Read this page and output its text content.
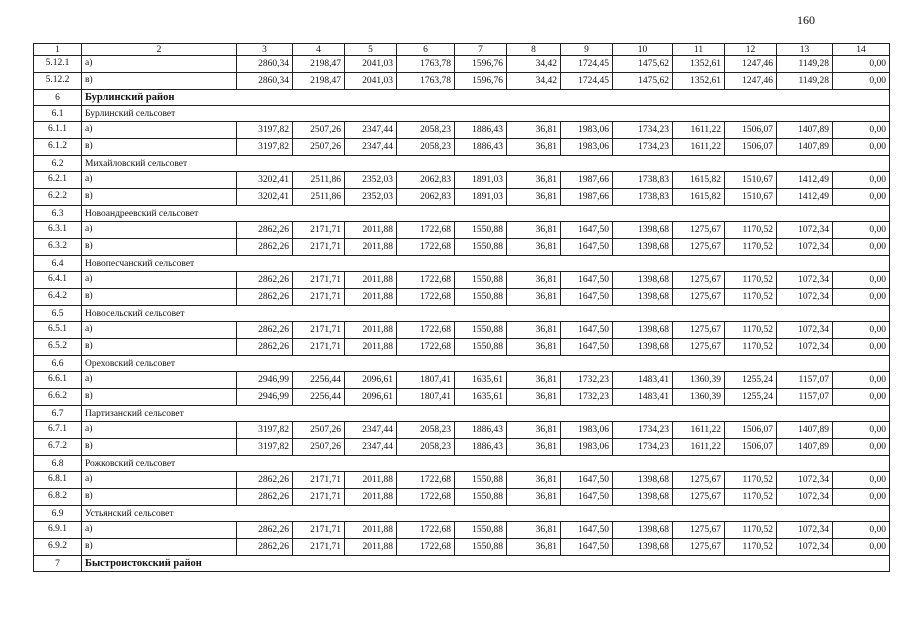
160
1	2	3	4	5	6	7	8	9	10	11	12	13	14
5.12.1	а)	2860,34	2198,47	2041,03	1763,78	1596,76	34,42	1724,45	1475,62	1352,61	1247,46	1149,28	0,00
5.12.2	в)	2860,34	2198,47	2041,03	1763,78	1596,76	34,42	1724,45	1475,62	1352,61	1247,46	1149,28	0,00
6	Бурлинский район												
6.1	Бурлинский сельсовет												
6.1.1	а)	3197,82	2507,26	2347,44	2058,23	1886,43	36,81	1983,06	1734,23	1611,22	1506,07	1407,89	0,00
6.1.2	в)	3197,82	2507,26	2347,44	2058,23	1886,43	36,81	1983,06	1734,23	1611,22	1506,07	1407,89	0,00
6.2	Михайловский сельсовет												
6.2.1	а)	3202,41	2511,86	2352,03	2062,83	1891,03	36,81	1987,66	1738,83	1615,82	1510,67	1412,49	0,00
6.2.2	в)	3202,41	2511,86	2352,03	2062,83	1891,03	36,81	1987,66	1738,83	1615,82	1510,67	1412,49	0,00
6.3	Новоандреевский сельсовет												
6.3.1	а)	2862,26	2171,71	2011,88	1722,68	1550,88	36,81	1647,50	1398,68	1275,67	1170,52	1072,34	0,00
6.3.2	в)	2862,26	2171,71	2011,88	1722,68	1550,88	36,81	1647,50	1398,68	1275,67	1170,52	1072,34	0,00
6.4	Новопесчанский сельсовет												
6.4.1	а)	2862,26	2171,71	2011,88	1722,68	1550,88	36,81	1647,50	1398,68	1275,67	1170,52	1072,34	0,00
6.4.2	в)	2862,26	2171,71	2011,88	1722,68	1550,88	36,81	1647,50	1398,68	1275,67	1170,52	1072,34	0,00
6.5	Новосельский сельсовет												
6.5.1	а)	2862,26	2171,71	2011,88	1722,68	1550,88	36,81	1647,50	1398,68	1275,67	1170,52	1072,34	0,00
6.5.2	в)	2862,26	2171,71	2011,88	1722,68	1550,88	36,81	1647,50	1398,68	1275,67	1170,52	1072,34	0,00
6.6	Ореховский сельсовет												
6.6.1	а)	2946,99	2256,44	2096,61	1807,41	1635,61	36,81	1732,23	1483,41	1360,39	1255,24	1157,07	0,00
6.6.2	в)	2946,99	2256,44	2096,61	1807,41	1635,61	36,81	1732,23	1483,41	1360,39	1255,24	1157,07	0,00
6.7	Партизанский сельсовет												
6.7.1	а)	3197,82	2507,26	2347,44	2058,23	1886,43	36,81	1983,06	1734,23	1611,22	1506,07	1407,89	0,00
6.7.2	в)	3197,82	2507,26	2347,44	2058,23	1886,43	36,81	1983,06	1734,23	1611,22	1506,07	1407,89	0,00
6.8	Рожковский сельсовет												
6.8.1	а)	2862,26	2171,71	2011,88	1722,68	1550,88	36,81	1647,50	1398,68	1275,67	1170,52	1072,34	0,00
6.8.2	в)	2862,26	2171,71	2011,88	1722,68	1550,88	36,81	1647,50	1398,68	1275,67	1170,52	1072,34	0,00
6.9	Устьянский сельсовет												
6.9.1	а)	2862,26	2171,71	2011,88	1722,68	1550,88	36,81	1647,50	1398,68	1275,67	1170,52	1072,34	0,00
6.9.2	в)	2862,26	2171,71	2011,88	1722,68	1550,88	36,81	1647,50	1398,68	1275,67	1170,52	1072,34	0,00
7	Быстроистокский район												
